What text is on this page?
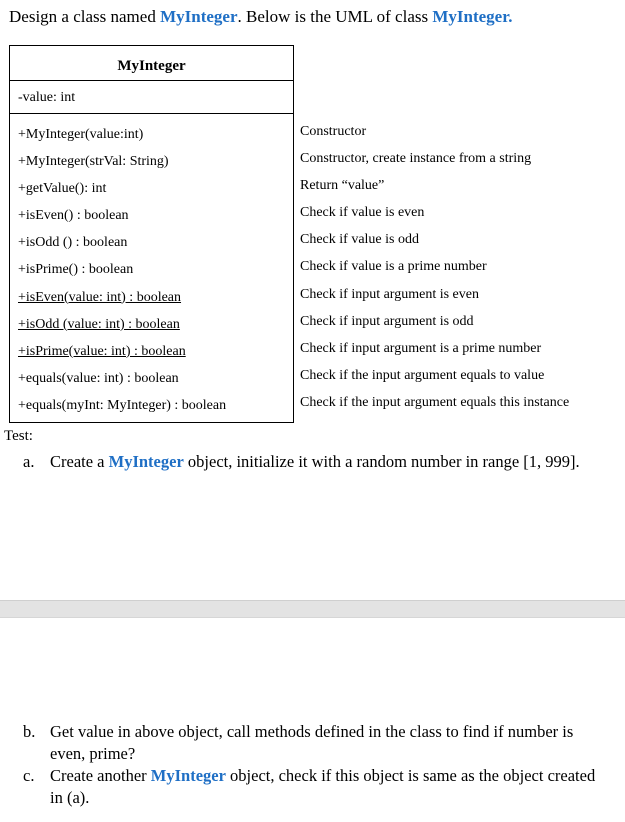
Design a class named MyInteger. Below is the UML of class MyInteger.
MyInteger
-value: int
+MyInteger(value:int)
+MyInteger(strVal: String)
+getValue(): int
+isEven() : boolean
+isOdd () : boolean
+isPrime() : boolean
+isEven(value: int) : boolean
+isOdd (value: int) : boolean
+isPrime(value: int) : boolean
+equals(value: int) : boolean
+equals(myInt: MyInteger) : boolean
Constructor
Constructor, create instance from a string
Return “value”
Check if value is even
Check if value is odd
Check if value is a prime number
Check if input argument is even
Check if input argument is odd
Check if input argument is a prime number
Check if the input argument equals to value
Check if the input argument equals this instance
Test:
a. Create a MyInteger object, initialize it with a random number in range [1, 999].
b. Get value in above object, call methods defined in the class to find if number is even, prime?
c. Create another MyInteger object, check if this object is same as the object created in (a).
